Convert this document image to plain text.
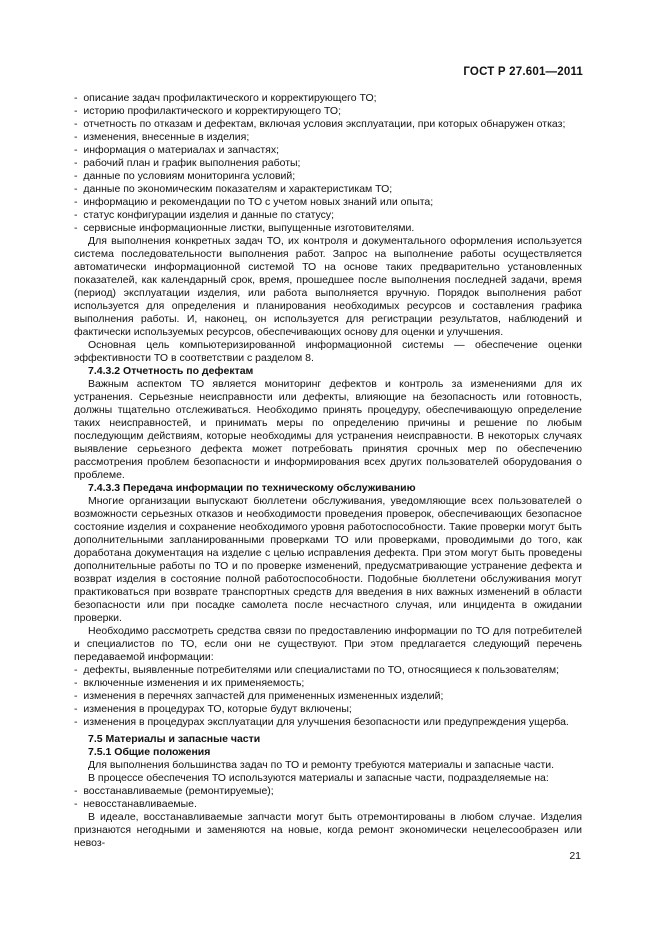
ГОСТ Р 27.601—2011

-  описание задач профилактического и корректирующего ТО;

-  историю профилактического и корректирующего ТО;

-  отчетность по отказам и дефектам, включая условия эксплуатации, при которых обнаружен отказ;

-  изменения, внесенные в изделия;

-  информация о материалах и запчастях;

-  рабочий план и график выполнения работы;

-  данные по условиям мониторинга условий;

-  данные по экономическим показателям и характеристикам ТО;

-  информацию и рекомендации по ТО с учетом новых знаний или опыта;

-  статус конфигурации изделия и данные по статусу;

-  сервисные информационные листки, выпущенные изготовителями.

Для выполнения конкретных задач ТО, их контроля и документального оформления используется система последовательности выполнения работ. Запрос на выполнение работы осуществляется автоматически информационной системой ТО на основе таких предварительно установленных показателей, как календарный срок, время, прошедшее после выполнения последней задачи, время (период) эксплуатации изделия, или работа выполняется вручную. Порядок выполнения работ используется для определения и планирования необходимых ресурсов и составления графика выполнения работы. И, наконец, он используется для регистрации результатов, наблюдений и фактически используемых ресурсов, обеспечивающих основу для оценки и улучшения.

Основная цель компьютеризированной информационной системы — обеспечение оценки эффективности ТО в соответствии с разделом 8.

7.4.3.2 Отчетность по дефектам

Важным аспектом ТО является мониторинг дефектов и контроль за изменениями для их устранения. Серьезные неисправности или дефекты, влияющие на безопасность или готовность, должны тщательно отслеживаться. Необходимо принять процедуру, обеспечивающую определение таких неисправностей, и принимать меры по определению причины и решение по любым последующим действиям, которые необходимы для устранения неисправности. В некоторых случаях выявление серьезного дефекта может потребовать принятия срочных мер по обеспечению рассмотрения проблем безопасности и информирования всех других пользователей оборудования о проблеме.

7.4.3.3 Передача информации по техническому обслуживанию

Многие организации выпускают бюллетени обслуживания, уведомляющие всех пользователей о возможности серьезных отказов и необходимости проведения проверок, обеспечивающих безопасное состояние изделия и сохранение необходимого уровня работоспособности. Такие проверки могут быть дополнительными запланированными проверками ТО или проверками, проводимыми до того, как доработана документация на изделие с целью исправления дефекта. При этом могут быть проведены дополнительные работы по ТО и по проверке изменений, предусматривающие устранение дефекта и возврат изделия в состояние полной работоспособности. Подобные бюллетени обслуживания могут практиковаться при возврате транспортных средств для введения в них важных изменений в области безопасности или при посадке самолета после несчастного случая, или инцидента в ожидании проверки.

Необходимо рассмотреть средства связи по предоставлению информации по ТО для потребителей и специалистов по ТО, если они не существуют. При этом предлагается следующий перечень передаваемой информации:

-  дефекты, выявленные потребителями или специалистами по ТО, относящиеся к пользователям;

-  включенные изменения и их применяемость;

-  изменения в перечнях запчастей для примененных измененных изделий;

-  изменения в процедурах ТО, которые будут включены;

-  изменения в процедурах эксплуатации для улучшения безопасности или предупреждения ущерба.

7.5 Материалы и запасные части

7.5.1 Общие положения

Для выполнения большинства задач по ТО и ремонту требуются материалы и запасные части.

В процессе обеспечения ТО используются материалы и запасные части, подразделяемые на:

-  восстанавливаемые (ремонтируемые);

-  невосстанавливаемые.

В идеале, восстанавливаемые запчасти могут быть отремонтированы в любом случае. Изделия признаются негодными и заменяются на новые, когда ремонт экономически нецелесообразен или невоз-

21
